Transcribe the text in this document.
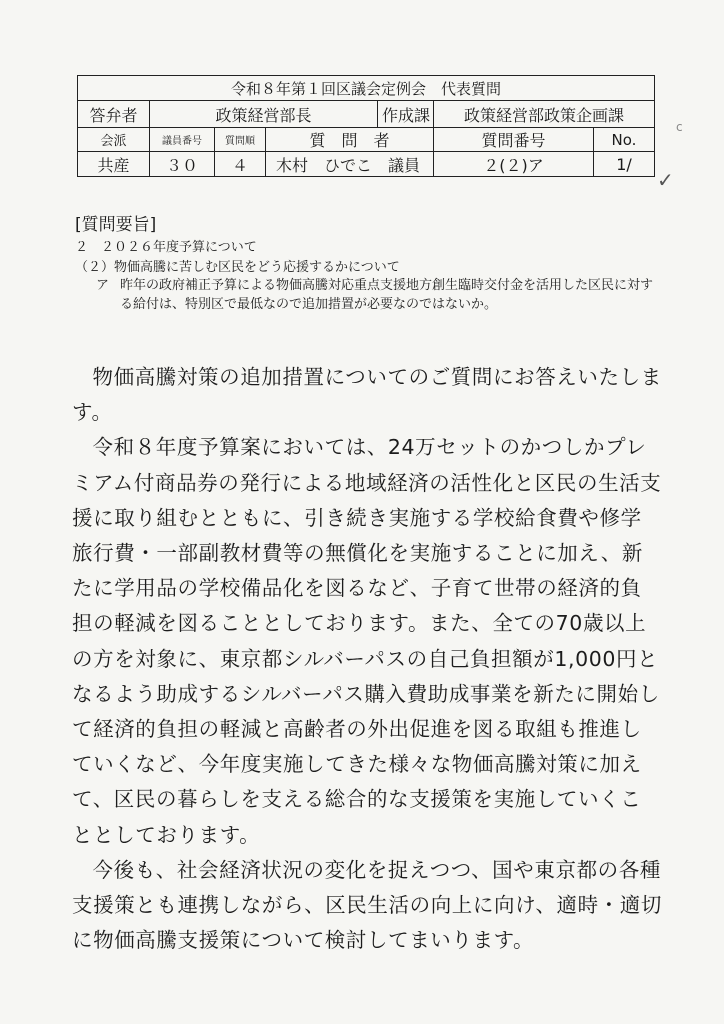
令和８年第１回区議会定例会　代表質問						
答弁者	政策経営部長			作成課	政策経営部政策企画課	
会派	議員番号	質問順	質　問　者		質問番号	No.
共産	３０	４	木村　ひでこ　議員		２(２)ア	1/
✓
c
[質問要旨]
２　２０２６年度予算について
（２）物価高騰に苦しむ区民をどう応援するかについて
ア 昨年の政府補正予算による物価高騰対応重点支援地方創生臨時交付金を活用した区民に対する給付は、特別区で最低なので追加措置が必要なのではないか。

物価高騰対策の追加措置についてのご質問にお答えいたします。

令和８年度予算案においては、24万セットのかつしかプレミアム付商品券の発行による地域経済の活性化と区民の生活支援に取り組むとともに、引き続き実施する学校給食費や修学旅行費・一部副教材費等の無償化を実施することに加え、新たに学用品の学校備品化を図るなど、子育て世帯の経済的負担の軽減を図ることとしております。また、全ての70歳以上の方を対象に、東京都シルバーパスの自己負担額が1,000円となるよう助成するシルバーパス購入費助成事業を新たに開始して経済的負担の軽減と高齢者の外出促進を図る取組も推進していくなど、今年度実施してきた様々な物価高騰対策に加えて、区民の暮らしを支える総合的な支援策を実施していくこととしております。

今後も、社会経済状況の変化を捉えつつ、国や東京都の各種支援策とも連携しながら、区民生活の向上に向け、適時・適切に物価高騰支援策について検討してまいります。
